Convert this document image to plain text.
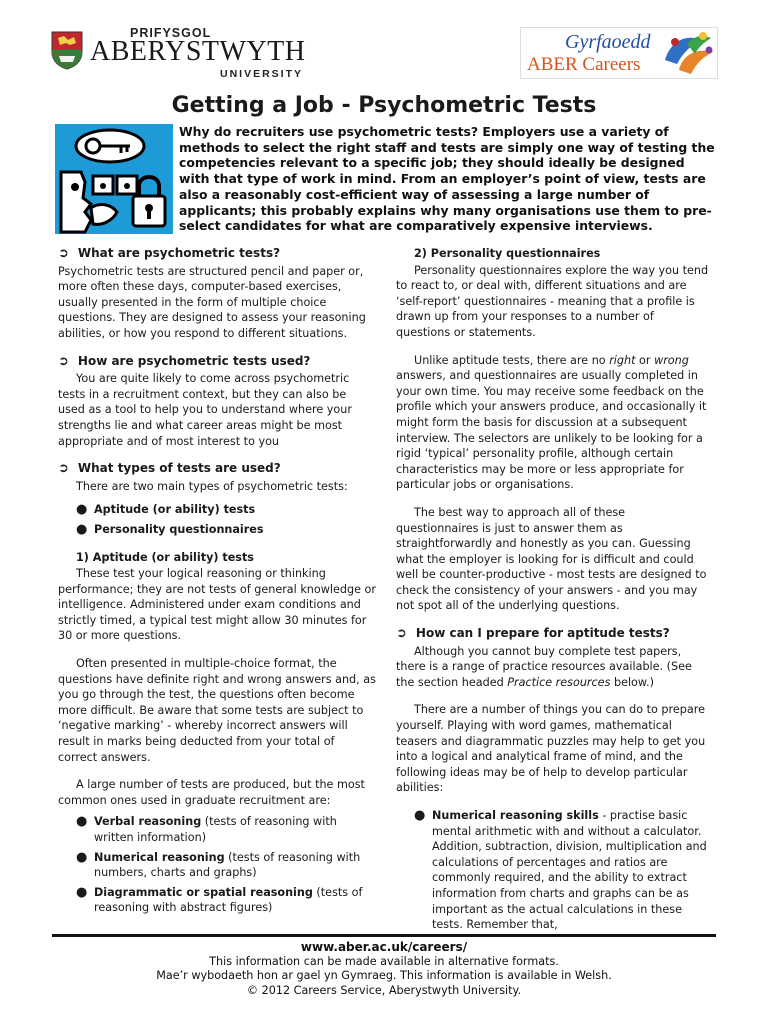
PRIFYSGOL
ABERYSTWYTH
UNIVERSITY
Gyrfaoedd
ABER Careers
Getting a Job - Psychometric Tests
Why do recruiters use psychometric tests? Employers use a variety of methods to select the right staff and tests are simply one way of testing the competencies relevant to a specific job; they should ideally be designed with that type of work in mind. From an employer’s point of view, tests are also a reasonably cost-efficient way of assessing a large number of applicants; this probably explains why many organisations use them to pre-select candidates for what are comparatively expensive interviews.
➲ What are psychometric tests?
Psychometric tests are structured pencil and paper or, more often these days, computer-based exercises, usually presented in the form of multiple choice questions. They are designed to assess your reasoning abilities, or how you respond to different situations.
➲ How are psychometric tests used?
You are quite likely to come across psychometric tests in a recruitment context, but they can also be used as a tool to help you to understand where your strengths lie and what career areas might be most appropriate and of most interest to you
➲ What types of tests are used?
There are two main types of psychometric tests:
● Aptitude (or ability) tests
● Personality questionnaires
1) Aptitude (or ability) tests
These test your logical reasoning or thinking performance; they are not tests of general knowledge or intelligence. Administered under exam conditions and strictly timed, a typical test might allow 30 minutes for 30 or more questions.
Often presented in multiple-choice format, the questions have definite right and wrong answers and, as you go through the test, the questions often become more difficult. Be aware that some tests are subject to ‘negative marking’ - whereby incorrect answers will result in marks being deducted from your total of correct answers.
A large number of tests are produced, but the most common ones used in graduate recruitment are:
● Verbal reasoning (tests of reasoning with written information)
● Numerical reasoning (tests of reasoning with numbers, charts and graphs)
● Diagrammatic or spatial reasoning (tests of reasoning with abstract figures)
2) Personality questionnaires
Personality questionnaires explore the way you tend to react to, or deal with, different situations and are ‘self-report’ questionnaires - meaning that a profile is drawn up from your responses to a number of questions or statements.
Unlike aptitude tests, there are no right or wrong answers, and questionnaires are usually completed in your own time. You may receive some feedback on the profile which your answers produce, and occasionally it might form the basis for discussion at a subsequent interview. The selectors are unlikely to be looking for a rigid ‘typical’ personality profile, although certain characteristics may be more or less appropriate for particular jobs or organisations.
The best way to approach all of these questionnaires is just to answer them as straightforwardly and honestly as you can. Guessing what the employer is looking for is difficult and could well be counter-productive - most tests are designed to check the consistency of your answers - and you may not spot all of the underlying questions.
➲ How can I prepare for aptitude tests?
Although you cannot buy complete test papers, there is a range of practice resources available. (See the section headed Practice resources below.)
There are a number of things you can do to prepare yourself. Playing with word games, mathematical teasers and diagrammatic puzzles may help to get you into a logical and analytical frame of mind, and the following ideas may be of help to develop particular abilities:
● Numerical reasoning skills - practise basic mental arithmetic with and without a calculator. Addition, subtraction, division, multiplication and calculations of percentages and ratios are commonly required, and the ability to extract information from charts and graphs can be as important as the actual calculations in these tests. Remember that,
www.aber.ac.uk/careers/
This information can be made available in alternative formats.
Mae’r wybodaeth hon ar gael yn Gymraeg. This information is available in Welsh.
© 2012 Careers Service, Aberystwyth University.
